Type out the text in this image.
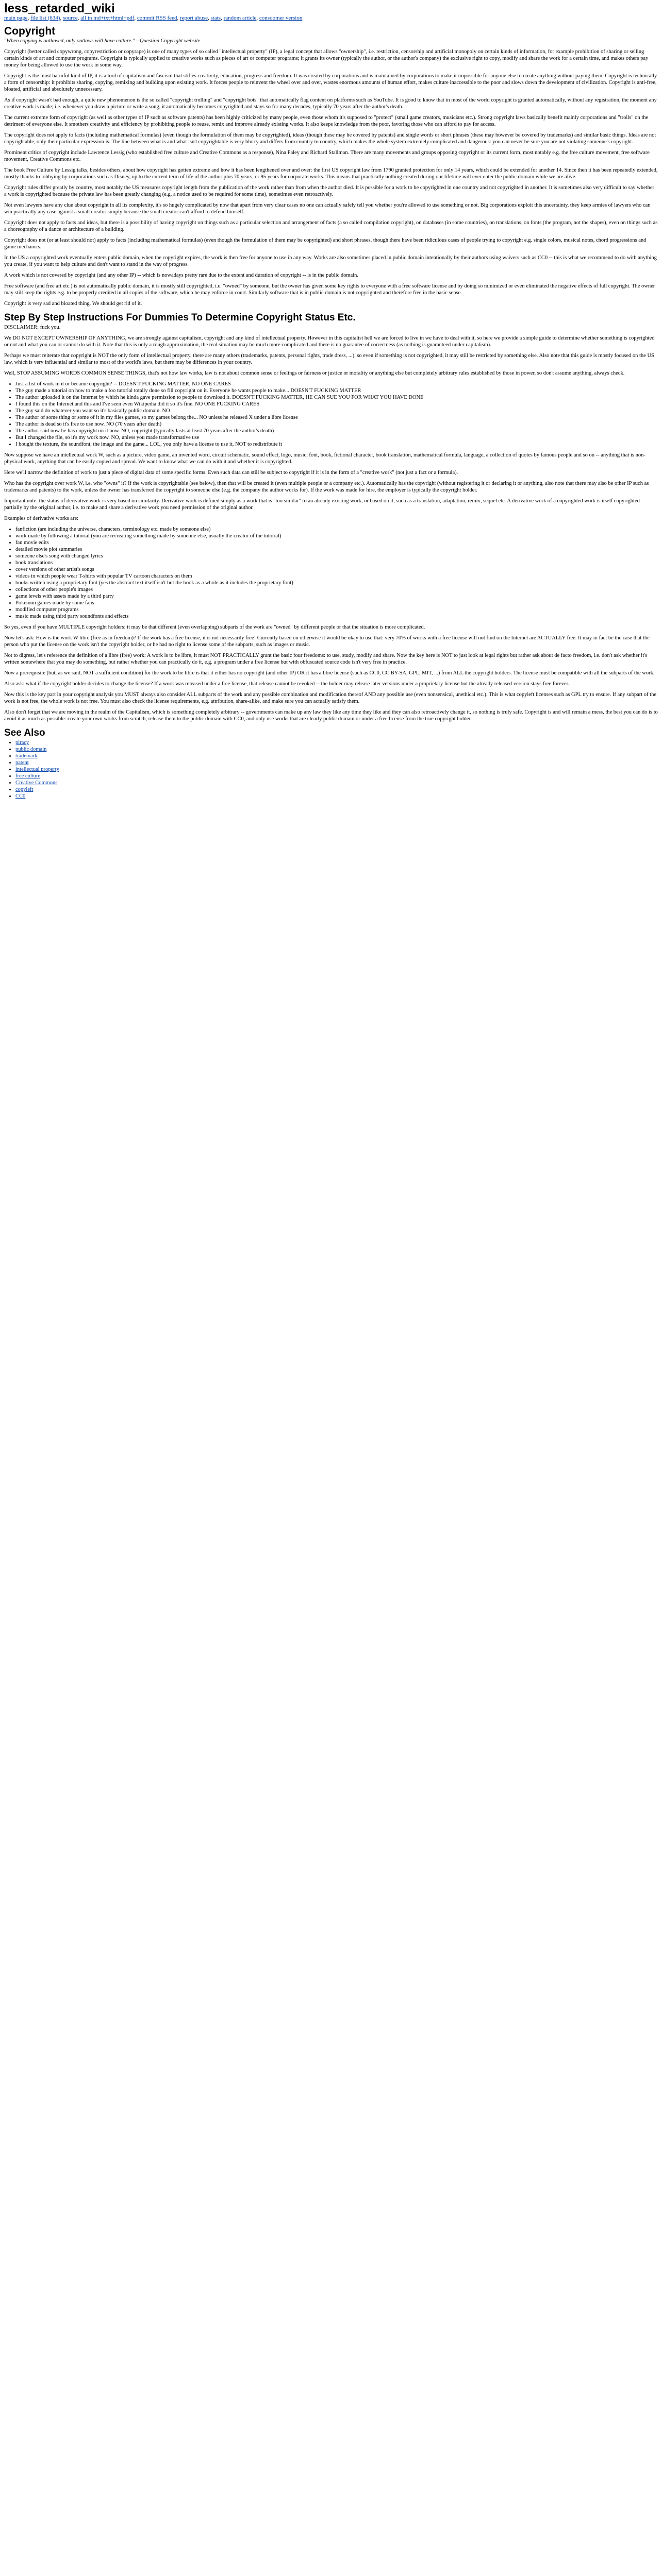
less_retarded_wiki
main page, file list (634), source, all in md+txt+html+pdf, commit RSS feed, report abuse, stats, random article, consoomer version
Copyright

"When copying is outlawed, only outlaws will have culture." --Question Copyright website

Copyright (better called copywrong, copyrestriction or copyrape) is one of many types of so called "intellectual property" (IP), a legal concept that allows "ownership", i.e. restriction, censorship and artificial monopoly on certain kinds of information, for example prohibition of sharing or selling certain kinds of art and computer programs. Copyright is typically applied to creative works such as pieces of art or computer programs; it grants its owner (typically the author, or the author's company) the exclusive right to copy, modify and share the work for a certain time, and makes others pay money for being allowed to use the work in some way.

Copyright is the most harmful kind of IP, it is a tool of capitalism and fascism that stifles creativity, education, progress and freedom. It was created by corporations and is maintained by corporations to make it impossible for anyone else to create anything without paying them. Copyright is technically a form of censorship: it prohibits sharing, copying, remixing and building upon existing work. It forces people to reinvent the wheel over and over, wastes enormous amounts of human effort, makes culture inaccessible to the poor and slows down the development of civilization. Copyright is anti-free, bloated, artificial and absolutely unnecessary.

As if copyright wasn't bad enough, a quite new phenomenon is the so called "copyright trolling" and "copyright bots" that automatically flag content on platforms such as YouTube. It is good to know that in most of the world copyright is granted automatically, without any registration, the moment any creative work is made; i.e. whenever you draw a picture or write a song, it automatically becomes copyrighted and stays so for many decades, typically 70 years after the author's death.

The current extreme form of copyright (as well as other types of IP such as software patents) has been highly criticized by many people, even those whom it's supposed to "protect" (small game creators, musicians etc.). Strong copyright laws basically benefit mainly corporations and "trolls" on the detriment of everyone else. It smothers creativity and efficiency by prohibiting people to reuse, remix and improve already existing works. It also keeps knowledge from the poor, favoring those who can afford to pay for access.

The copyright does not apply to facts (including mathematical formulas) (even though the formulation of them may be copyrighted), ideas (though these may be covered by patents) and single words or short phrases (these may however be covered by trademarks) and similar basic things. Ideas are not copyrightable, only their particular expression is. The line between what is and what isn't copyrightable is very blurry and differs from country to country, which makes the whole system extremely complicated and dangerous: you can never be sure you are not violating someone's copyright.

Prominent critics of copyright include Lawrence Lessig (who established free culture and Creative Commons as a response), Nina Paley and Richard Stallman. There are many movements and groups opposing copyright or its current form, most notably e.g. the free culture movement, free software movement, Creative Commons etc.

The book Free Culture by Lessig talks, besides others, about how copyright has gotten extreme and how it has been lengthened over and over: the first US copyright law from 1790 granted protection for only 14 years, which could be extended for another 14. Since then it has been repeatedly extended, mostly thanks to lobbying by corporations such as Disney, up to the current term of life of the author plus 70 years, or 95 years for corporate works. This means that practically nothing created during our lifetime will ever enter the public domain while we are alive.

Copyright rules differ greatly by country, most notably the US measures copyright length from the publication of the work rather than from when the author died. It is possible for a work to be copyrighted in one country and not copyrighted in another. It is sometimes also very difficult to say whether a work is copyrighted because the private law has been greatly changing (e.g. a notice used to be required for some time), sometimes even retroactively.

Not even lawyers have any clue about copyright in all its complexity, it's so hugely complicated by now that apart from very clear cases no one can actually safely tell you whether you're allowed to use something or not. Big corporations exploit this uncertainty, they keep armies of lawyers who can win practically any case against a small creator simply because the small creator can't afford to defend himself.

Copyright does not apply to facts and ideas, but there is a possibility of having copyright on things such as a particular selection and arrangement of facts (a so called compilation copyright), on databases (in some countries), on translations, on fonts (the program, not the shapes), even on things such as a choreography of a dance or architecture of a building.

Copyright does not (or at least should not) apply to facts (including mathematical formulas) (even though the formulation of them may be copyrighted) and short phrases, though there have been ridiculous cases of people trying to copyright e.g. single colors, musical notes, chord progressions and game mechanics.

In the US a copyrighted work eventually enters public domain, when the copyright expires, the work is then free for anyone to use in any way. Works are also sometimes placed in public domain intentionally by their authors using waivers such as CC0 -- this is what we recommend to do with anything you create, if you want to help culture and don't want to stand in the way of progress.

A work which is not covered by copyright (and any other IP) -- which is nowadays pretty rare due to the extent and duration of copyright -- is in the public domain.

Free software (and free art etc.) is not automatically public domain, it is mostly still copyrighted, i.e. "owned" by someone, but the owner has given some key rights to everyone with a free software license and by doing so minimized or even eliminated the negative effects of full copyright. The owner may still keep the rights e.g. to be properly credited in all copies of the software, which he may enforce in court. Similarly software that is in public domain is not copyrighted and therefore free in the basic sense.

Copyright is very sad and bloated thing. We should get rid of it.

Step By Step Instructions For Dummies To Determine Copyright Status Etc.

DISCLAIMER: fuck you.

We DO NOT EXCEPT OWNERSHIP OF ANYTHING, we are strongly against capitalism, copyright and any kind of intellectual property. However in this capitalist hell we are forced to live in we have to deal with it, so here we provide a simple guide to determine whether something is copyrighted or not and what you can or cannot do with it. Note that this is only a rough approximation, the real situation may be much more complicated and there is no guarantee of correctness (as nothing is guaranteed under capitalism).

Perhaps we must reiterate that copyright is NOT the only form of intellectual property, there are many others (trademarks, patents, personal rights, trade dress, ...), so even if something is not copyrighted, it may still be restricted by something else. Also note that this guide is mostly focused on the US law, which is very influential and similar to most of the world's laws, but there may be differences in your country.

Well, STOP ASSUMING WORDS COMMON SENSE THINGS, that's not how law works, law is not about common sense or feelings or fairness or justice or morality or anything else but completely arbitrary rules established by those in power, so don't assume anything, always check.

• Just a list of work in it or became copyright? -- DOESN'T FUCKING MATTER, NO ONE CARES
• The guy made a tutorial on how to make a foo tutorial totally done so fill copyright on it. Everyone he wants people to make... DOESN'T FUCKING MATTER
• The author uploaded it on the Internet by which he kinda gave permission to people to download it. DOESN'T FUCKING MATTER, HE CAN SUE YOU FOR WHAT YOU HAVE DONE
• I found this on the Internet and this and I've seen even Wikipedia did it so it's fine. NO ONE FUCKING CARES
• The guy said do whatever you want so it's basically public domain. NO
• The author of some thing or some of it in my files games, so my games belong the... NO unless he released X under a libre license
• The author is dead so it's free to use now. NO (70 years after death)
• The author said now he has copyright on it now. NO, copyright (typically lasts at least 70 years after the author's death)
• But I changed the file, so it's my work now. NO, unless you made transformative use
• I bought the texture, the soundfont, the image and the game... LOL, you only have a license to use it, NOT to redistribute it

Now suppose we have an intellectual work W, such as a picture, video game, an invented word, circuit schematic, sound effect, logo, music, font, book, fictional character, book translation, mathematical formula, language, a collection of quotes by famous people and so on -- anything that is non-physical work, anything that can be easily copied and spread. We want to know what we can do with it and whether it is copyrighted.

Here we'll narrow the definition of work to just a piece of digital data of some specific forms. Even such data can still be subject to copyright if it is in the form of a "creative work" (not just a fact or a formula).

Who has the copyright over work W, i.e. who "owns" it? If the work is copyrightable (see below), then that will be created it (even multiple people or a company etc.). Automatically has the copyright (without registering it or declaring it or anything, also note that there may also be other IP such as trademarks and patents) to the work, unless the owner has transferred the copyright to someone else (e.g. the company the author works for). If the work was made for hire, the employer is typically the copyright holder.

Important note: the status of derivative work is very based on similarity. Derivative work is defined simply as a work that is "too similar" to an already existing work, or based on it, such as a translation, adaptation, remix, sequel etc. A derivative work of a copyrighted work is itself copyrighted partially by the original author, i.e. to make and share a derivative work you need permission of the original author.

Examples of derivative works are:

• fanfiction (are including the universe, characters, terminology etc. made by someone else)
• work made by following a tutorial (you are recreating something made by someone else, usually the creator of the tutorial)
• fan movie edits
• detailed movie plot summaries
• someone else's song with changed lyrics
• book translations
• cover versions of other artist's songs
• videos in which people wear T-shirts with popular TV cartoon characters on them
• books written using a proprietary font (yes the abstract text itself isn't but the book as a whole as it includes the proprietary font)
• collections of other people's images
• game levels with assets made by a third party
• Pokemon games made by some fans
• modified computer programs
• music made using third party soundfonts and effects

So yes, even if you have MULTIPLE copyright holders: it may be that different (even overlapping) subparts of the work are "owned" by different people or that the situation is more complicated.

Now let's ask: How is the work W libre (free as in freedom)? If the work has a free license, it is not necessarily free! Currently based on otherwise it would be okay to use that: very 70% of works with a free license will not find on the Internet are ACTUALLY free. It may in fact be the case that the person who put the license on the work isn't the copyright holder, or he had no right to license some of the subparts, such as images or music.

Not to digress, let's reference the definition of a libre (free) work: A work is to be libre, it must NOT PRACTICALLY grant the basic four freedoms: to use, study, modify and share. Now the key here is NOT to just look at legal rights but rather ask about de facto freedom, i.e. don't ask whether it's written somewhere that you may do something, but rather whether you can practically do it, e.g. a program under a free license but with obfuscated source code isn't very free in practice.

Now a prerequisite (but, as we said, NOT a sufficient condition) for the work to be libre is that it either has no copyright (and other IP) OR it has a libre license (such as CC0, CC BY-SA, GPL, MIT, ...) from ALL the copyright holders. The license must be compatible with all the subparts of the work.

Also ask: what if the copyright holder decides to change the license? If a work was released under a free license, that release cannot be revoked -- the holder may release later versions under a proprietary license but the already released version stays free forever.

Now this is the key part in your copyright analysis you MUST always also consider ALL subparts of the work and any possible combination and modification thereof AND any possible use (even nonsensical, unethical etc.). This is what copyleft licenses such as GPL try to ensure. If any subpart of the work is not free, the whole work is not free. You must also check the license requirements, e.g. attribution, share-alike, and make sure you can actually satisfy them.

Also don't forget that we are moving in the realm of the Capitalism, which is something completely arbitrary -- governments can make up any law they like any time they like and they can also retroactively change it, so nothing is truly safe. Copyright is and will remain a mess, the best you can do is to avoid it as much as possible: create your own works from scratch, release them to the public domain with CC0, and only use works that are clearly public domain or under a free license from the true copyright holder.

See Also
• piracy
• public domain
• trademark
• patent
• intellectual property
• free culture
• Creative Commons
• copyleft
• CC0
